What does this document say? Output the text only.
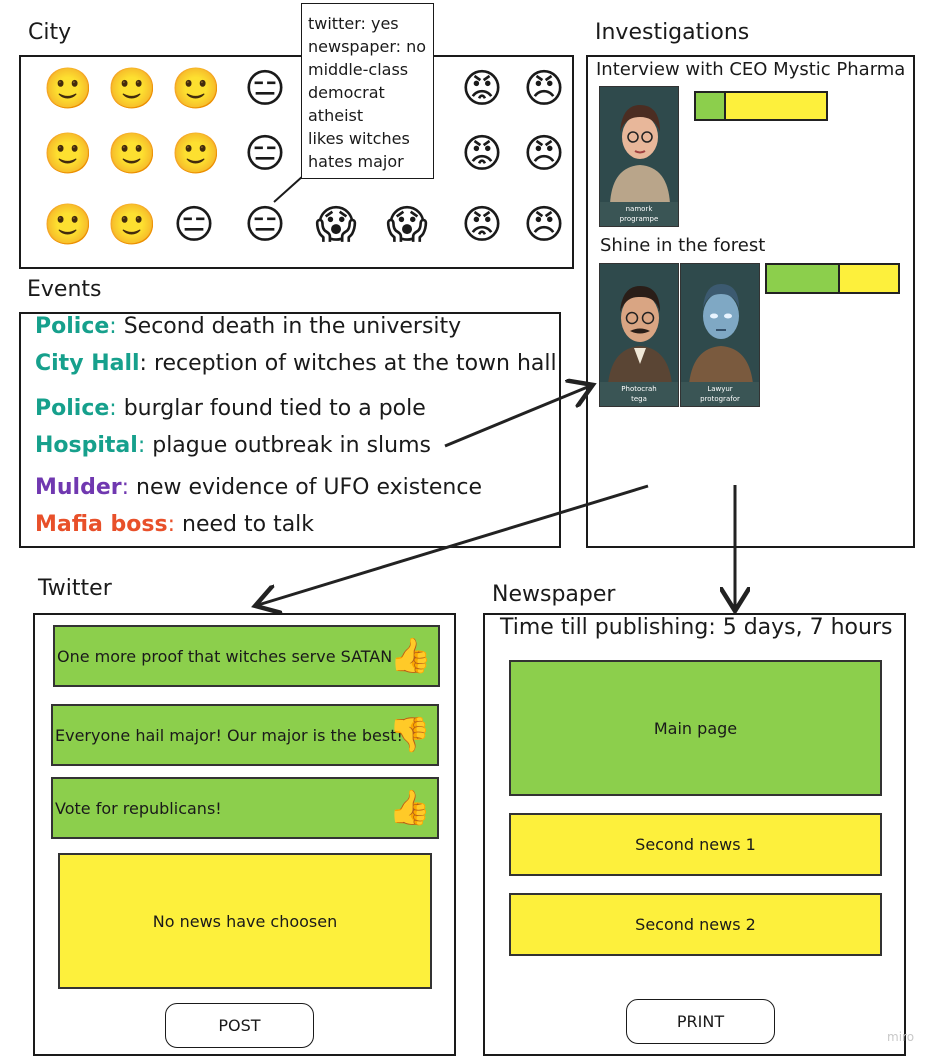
City
🙂 🙂 🙂 😑	😡 😠
🙂 🙂 🙂 😑	😡 😠
🙂 🙂 😑 😑 😱 😱 😡 😠
twitter: yes
newspaper: no
middle-class
democrat
atheist
likes witches
hates major
Events
Police: Second death in the university
City Hall: reception of witches at the town hall
Police: burglar found tied to a pole
Hospital: plague outbreak in slums
Mulder: new evidence of UFO existence
Mafia boss: need to talk
Investigations
Interview with CEO Mystic Pharma
namork
programpe
Shine in the forest
Photocrah
tega
Lawyur
protografor
Twitter
One more proof that witches serve SATAN
👍
Everyone hail major! Our major is the best!
👎
Vote for republicans!	👍
No news have choosen
POST
Newspaper
Time till publishing: 5 days, 7 hours
Main page
Second news 1
Second news 2
PRINT
miro
